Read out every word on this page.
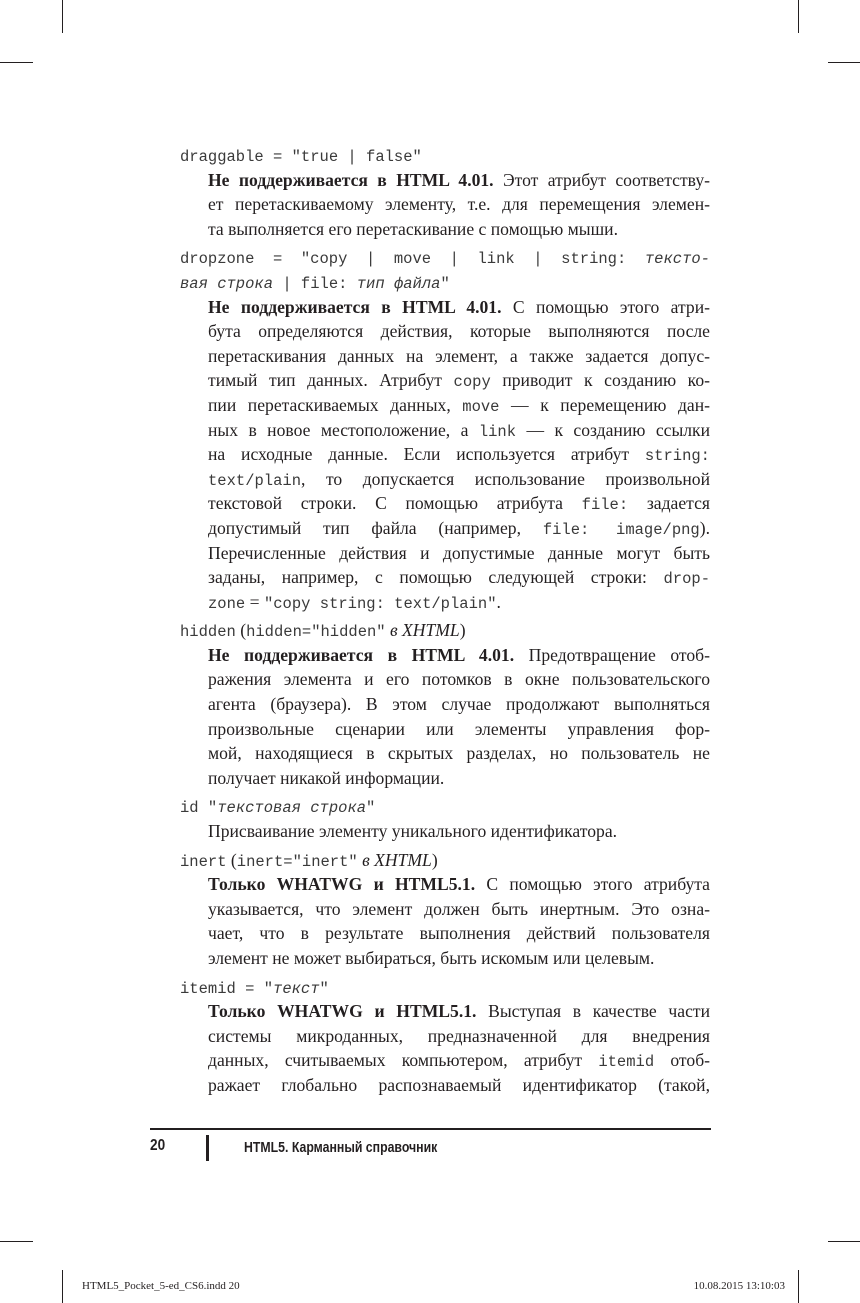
draggable = "true | false"
Не поддерживается в HTML 4.01. Этот атрибут соответству-
ет перетаскиваемому элементу, т.е. для перемещения элемен-
та выполняется его перетаскивание с помощью мыши.
dropzone = "copy | move | link | string: тексто-
вая строка | file: тип файла"
Не поддерживается в HTML 4.01. С помощью этого атри-
бута определяются действия, которые выполняются после
перетаскивания данных на элемент, а также задается допус-
тимый тип данных. Атрибут copy приводит к созданию ко-
пии перетаскиваемых данных, move — к перемещению дан-
ных в новое местоположение, а link — к созданию ссылки
на исходные данные. Если используется атрибут string:
text/plain, то допускается использование произвольной
текстовой строки. С помощью атрибута file: задается
допустимый тип файла (например, file: image/png).
Перечисленные действия и допустимые данные могут быть
заданы, например, с помощью следующей строки: drop-
zone = "copy string: text/plain".
hidden (hidden="hidden" в XHTML)
Не поддерживается в HTML 4.01. Предотвращение отоб-
ражения элемента и его потомков в окне пользовательского
агента (браузера). В этом случае продолжают выполняться
произвольные сценарии или элементы управления фор-
мой, находящиеся в скрытых разделах, но пользователь не
получает никакой информации.
id "текстовая строка"
Присваивание элементу уникального идентификатора.
inert (inert="inert" в XHTML)
Только WHATWG и HTML5.1. С помощью этого атрибута
указывается, что элемент должен быть инертным. Это озна-
чает, что в результате выполнения действий пользователя
элемент не может выбираться, быть искомым или целевым.
itemid = "текст"
Только WHATWG и HTML5.1. Выступая в качестве части
системы микроданных, предназначенной для внедрения
данных, считываемых компьютером, атрибут itemid отоб-
ражает глобально распознаваемый идентификатор (такой,
20	HTML5. Карманный справочник
HTML5_Pocket_5-ed_CS6.indd 20	10.08.2015 13:10:03
